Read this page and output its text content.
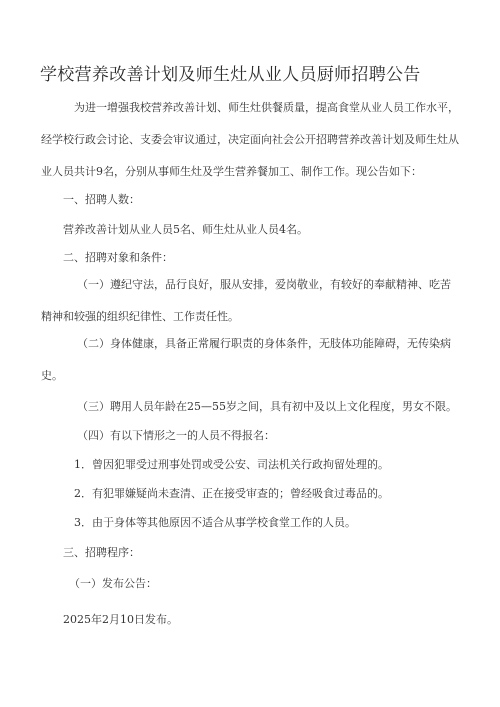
学校营养改善计划及师生灶从业人员厨师招聘公告

为进一增强我校营养改善计划、师生灶供餐质量，提高食堂从业人员工作水平，
经学校行政会讨论、支委会审议通过，决定面向社会公开招聘营养改善计划及师生灶从
业人员共计9名，分别从事师生灶及学生营养餐加工、制作工作。现公告如下：

一、招聘人数：
营养改善计划从业人员5名、师生灶从业人员4名。
二、招聘对象和条件：

（一）遵纪守法，品行良好，服从安排，爱岗敬业，有较好的奉献精神、吃苦
精神和较强的组织纪律性、工作责任性。

（二）身体健康，具备正常履行职责的身体条件，无肢体功能障碍，无传染病
史。

（三）聘用人员年龄在25—55岁之间，具有初中及以上文化程度，男女不限。
（四）有以下情形之一的人员不得报名：
1．曾因犯罪受过刑事处罚或受公安、司法机关行政拘留处理的。
2．有犯罪嫌疑尚未查清、正在接受审查的；曾经吸食过毒品的。
3．由于身体等其他原因不适合从事学校食堂工作的人员。
三、招聘程序：
（一）发布公告：
2025年2月10日发布。
